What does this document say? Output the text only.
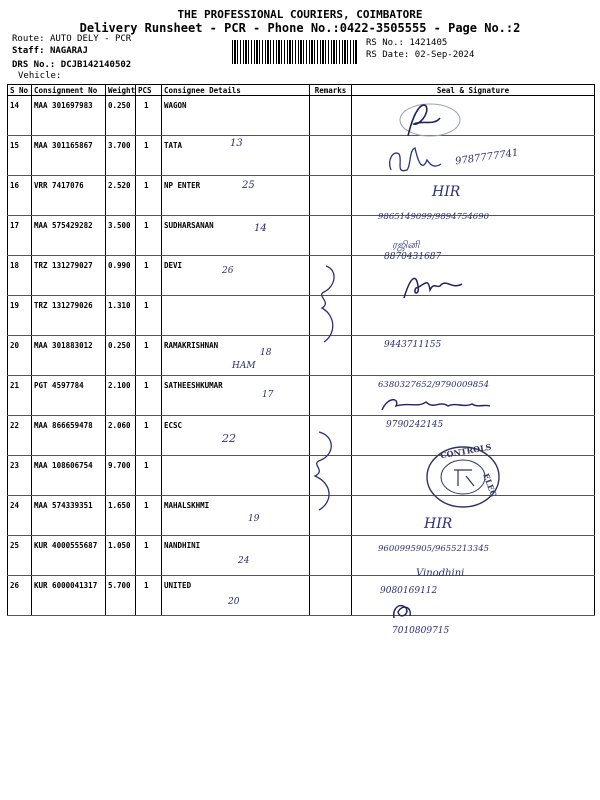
THE PROFESSIONAL COURIERS, COIMBATORE
Delivery Runsheet - PCR - Phone No.:0422-3505555 - Page No.:2
Route: AUTO DELY - PCR
Staff: NAGARAJ
DRS No.: DCJB142140502
Vehicle:
RS No.: 1421405
RS Date: 02-Sep-2024
S No	Consignment No	Weight	PCS	Consignee Details	Remarks	Seal & Signature
14	MAA 301697983	0.250	1	WAGON		
15	MAA 301165867	3.700	1	TATA		
16	VRR 7417076	2.520	1	NP ENTER		
17	MAA 575429282	3.500	1	SUDHARSANAN		
18	TRZ 131279027	0.990	1	DEVI		
19	TRZ 131279026	1.310	1			
20	MAA 301883012	0.250	1	RAMAKRISHNAN		
21	PGT 4597784	2.100	1	SATHEESHKUMAR		
22	MAA 866659478	2.060	1	ECSC		
23	MAA 108606754	9.700	1			
24	MAA 574339351	1.650	1	MAHALSKHMI		
25	KUR 4000555687	1.050	1	NANDHINI		
26	KUR 6000041317	5.700	1	UNITED		
13
25
14
26
18
HAM
17
22
19
24
20
9787777741
HIR
9865149099/9894754690
ரஜினி
8870431687
9443711155
6380327652/9790009854
9790242145
CONTROLS
ELEC
HIR
9600995905/9655213345
Vinodhini
9080169112
7010809715
